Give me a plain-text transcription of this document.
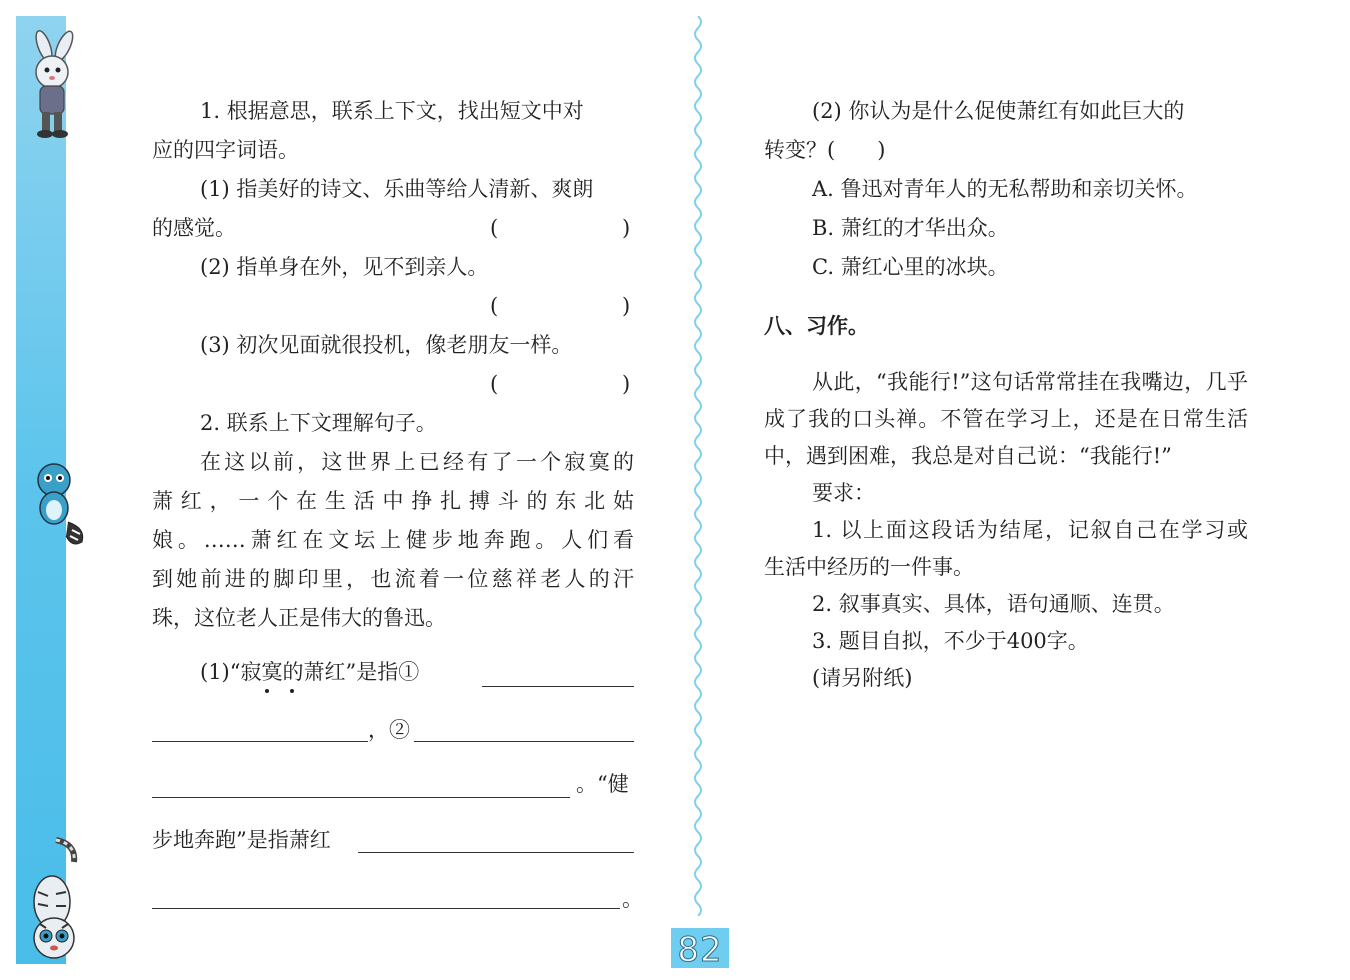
82
1. 根据意思，联系上下文，找出短文中对
应的四字词语。
(1) 指美好的诗文、乐曲等给人清新、爽朗
的感觉。	(	)
(2) 指单身在外，见不到亲人。
(	)
(3) 初次见面就很投机，像老朋友一样。
(	)
2. 联系上下文理解句子。
在这以前，这世界上已经有了一个寂寞的
萧红，一个在生活中挣扎搏斗的东北姑
娘。……萧红在文坛上健步地奔跑。人们看
到她前进的脚印里，也流着一位慈祥老人的汗
珠，这位老人正是伟大的鲁迅。
(1)“寂寞的萧红”是指①
，②
。“健
步地奔跑”是指萧红
。
(2) 你认为是什么促使萧红有如此巨大的
转变？(　　)
A. 鲁迅对青年人的无私帮助和亲切关怀。
B. 萧红的才华出众。
C. 萧红心里的冰块。
八、习作。
从此，“我能行!”这句话常常挂在我嘴边，几乎
成了我的口头禅。不管在学习上，还是在日常生活
中，遇到困难，我总是对自己说：“我能行!”
要求：
1. 以上面这段话为结尾，记叙自己在学习或
生活中经历的一件事。
2. 叙事真实、具体，语句通顺、连贯。
3. 题目自拟，不少于400字。
(请另附纸)
